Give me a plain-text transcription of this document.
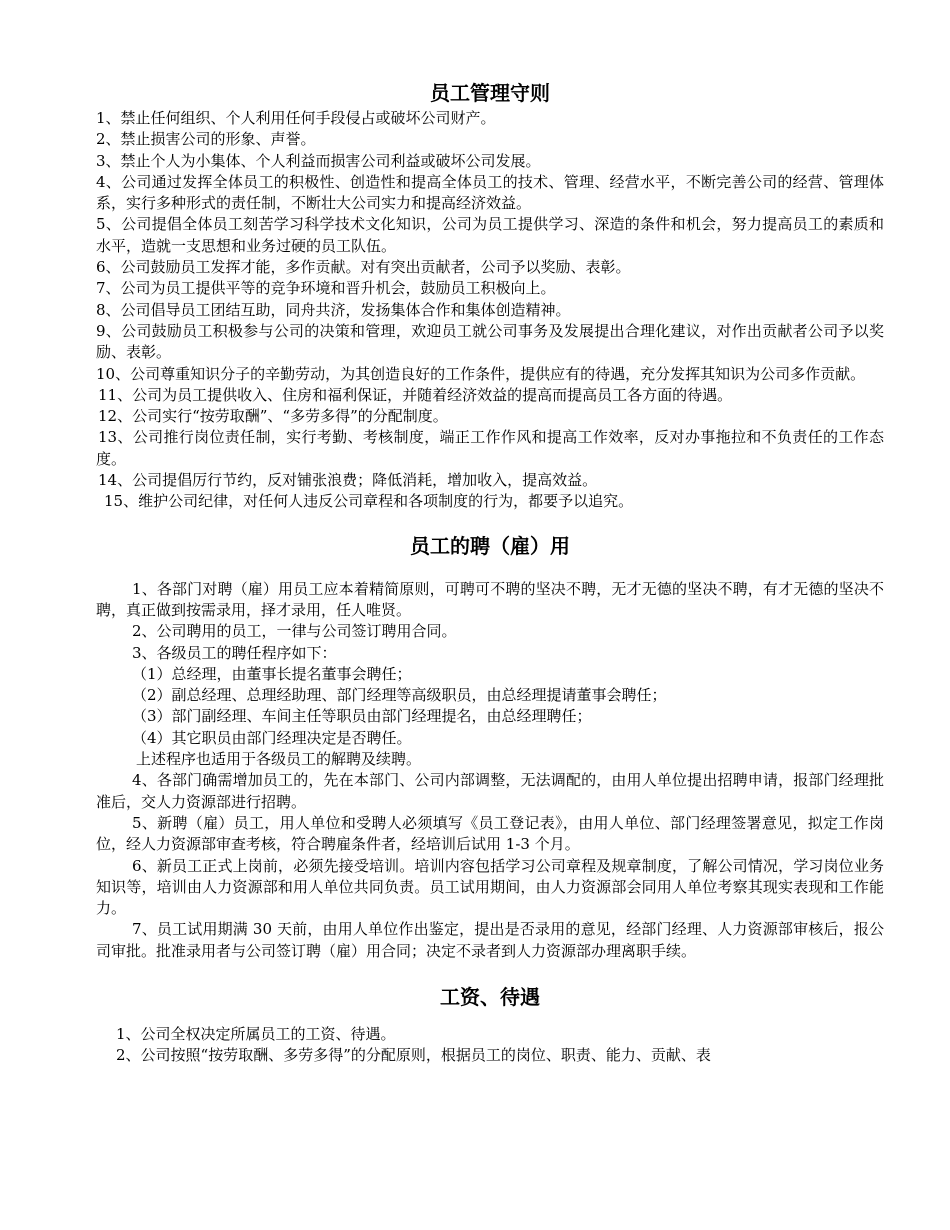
员工管理守则

1、禁止任何组织、个人利用任何手段侵占或破坏公司财产。

2、禁止损害公司的形象、声誉。

3、禁止个人为小集体、个人利益而损害公司利益或破坏公司发展。

4、公司通过发挥全体员工的积极性、创造性和提高全体员工的技术、管理、经营水平，不断完善公司的经营、管理体系，实行多种形式的责任制，不断壮大公司实力和提高经济效益。

5、公司提倡全体员工刻苦学习科学技术文化知识，公司为员工提供学习、深造的条件和机会，努力提高员工的素质和水平，造就一支思想和业务过硬的员工队伍。

6、公司鼓励员工发挥才能，多作贡献。对有突出贡献者，公司予以奖励、表彰。

7、公司为员工提供平等的竞争环境和晋升机会，鼓励员工积极向上。

8、公司倡导员工团结互助，同舟共济，发扬集体合作和集体创造精神。

9、公司鼓励员工积极参与公司的决策和管理，欢迎员工就公司事务及发展提出合理化建议，对作出贡献者公司予以奖励、表彰。

10、公司尊重知识分子的辛勤劳动，为其创造良好的工作条件，提供应有的待遇，充分发挥其知识为公司多作贡献。

11、公司为员工提供收入、住房和福利保证，并随着经济效益的提高而提高员工各方面的待遇。

12、公司实行“按劳取酬”、“多劳多得”的分配制度。

13、公司推行岗位责任制，实行考勤、考核制度，端正工作作风和提高工作效率，反对办事拖拉和不负责任的工作态度。

14、公司提倡厉行节约，反对铺张浪费；降低消耗，增加收入，提高效益。

15、维护公司纪律，对任何人违反公司章程和各项制度的行为，都要予以追究。

员工的聘（雇）用

1、各部门对聘（雇）用员工应本着精简原则，可聘可不聘的坚决不聘，无才无德的坚决不聘，有才无德的坚决不聘，真正做到按需录用，择才录用，任人唯贤。

2、公司聘用的员工，一律与公司签订聘用合同。

3、各级员工的聘任程序如下：

（1）总经理，由董事长提名董事会聘任；

（2）副总经理、总理经助理、部门经理等高级职员，由总经理提请董事会聘任；

（3）部门副经理、车间主任等职员由部门经理提名，由总经理聘任；

（4）其它职员由部门经理决定是否聘任。

上述程序也适用于各级员工的解聘及续聘。

4、各部门确需增加员工的，先在本部门、公司内部调整，无法调配的，由用人单位提出招聘申请，报部门经理批准后，交人力资源部进行招聘。

5、新聘（雇）员工，用人单位和受聘人必须填写《员工登记表》，由用人单位、部门经理签署意见，拟定工作岗位，经人力资源部审查考核，符合聘雇条件者，经培训后试用 1-3 个月。

6、新员工正式上岗前，必须先接受培训。培训内容包括学习公司章程及规章制度，了解公司情况，学习岗位业务知识等，培训由人力资源部和用人单位共同负责。员工试用期间，由人力资源部会同用人单位考察其现实表现和工作能力。

7、员工试用期满 30 天前，由用人单位作出鉴定，提出是否录用的意见，经部门经理、人力资源部审核后，报公司审批。批准录用者与公司签订聘（雇）用合同；决定不录者到人力资源部办理离职手续。

工资、待遇

1、公司全权决定所属员工的工资、待遇。

2、公司按照“按劳取酬、多劳多得”的分配原则，根据员工的岗位、职责、能力、贡献、表
